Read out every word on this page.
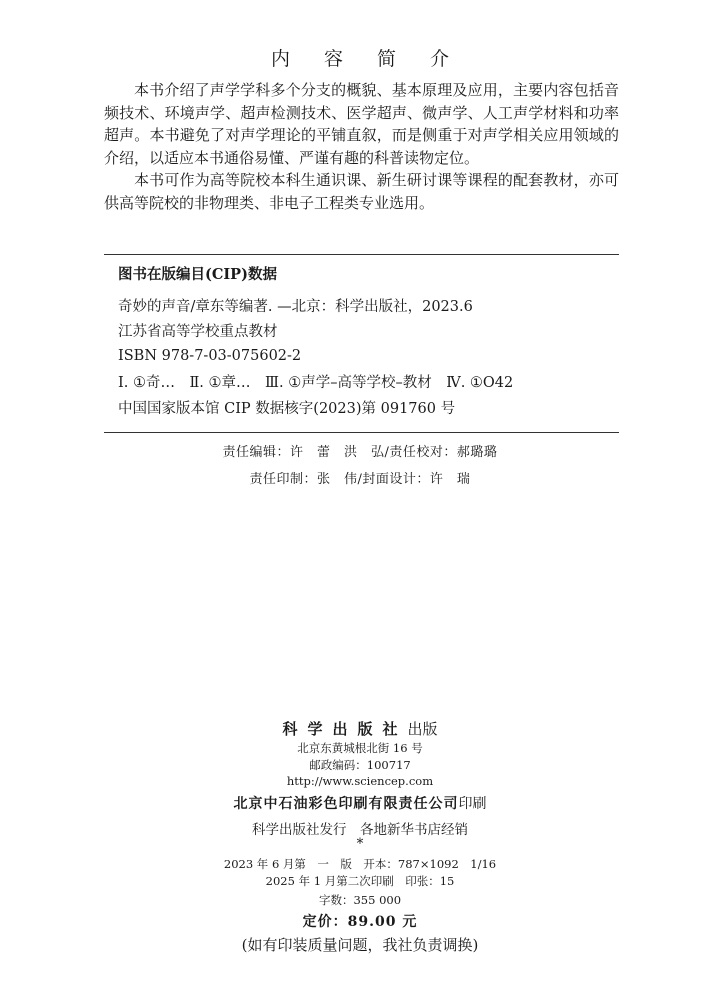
内 容 简 介

本书介绍了声学学科多个分支的概貌、基本原理及应用，主要内容包括音频技术、环境声学、超声检测技术、医学超声、微声学、人工声学材料和功率超声。本书避免了对声学理论的平铺直叙，而是侧重于对声学相关应用领域的介绍，以适应本书通俗易懂、严谨有趣的科普读物定位。

本书可作为高等院校本科生通识课、新生研讨课等课程的配套教材，亦可供高等院校的非物理类、非电子工程类专业选用。

图书在版编目(CIP)数据
奇妙的声音/章东等编著. —北京：科学出版社，2023.6
江苏省高等学校重点教材
ISBN 978-7-03-075602-2
Ⅰ. ①奇…　Ⅱ. ①章…　Ⅲ. ①声学–高等学校–教材　Ⅳ. ①O42
中国国家版本馆 CIP 数据核字(2023)第 091760 号
责任编辑：许　蕾　洪　弘/责任校对：郝璐璐
责任印制：张　伟/封面设计：许　瑞
科学出版社出版
北京东黄城根北街 16 号
邮政编码：100717
http://www.sciencep.com
北京中石油彩色印刷有限责任公司印刷
科学出版社发行　各地新华书店经销
*
2023 年 6 月第　一　版　开本：787×1092　1/16
2025 年 1 月第二次印刷　印张：15
字数：355 000
定价：89.00 元
(如有印装质量问题，我社负责调换)
